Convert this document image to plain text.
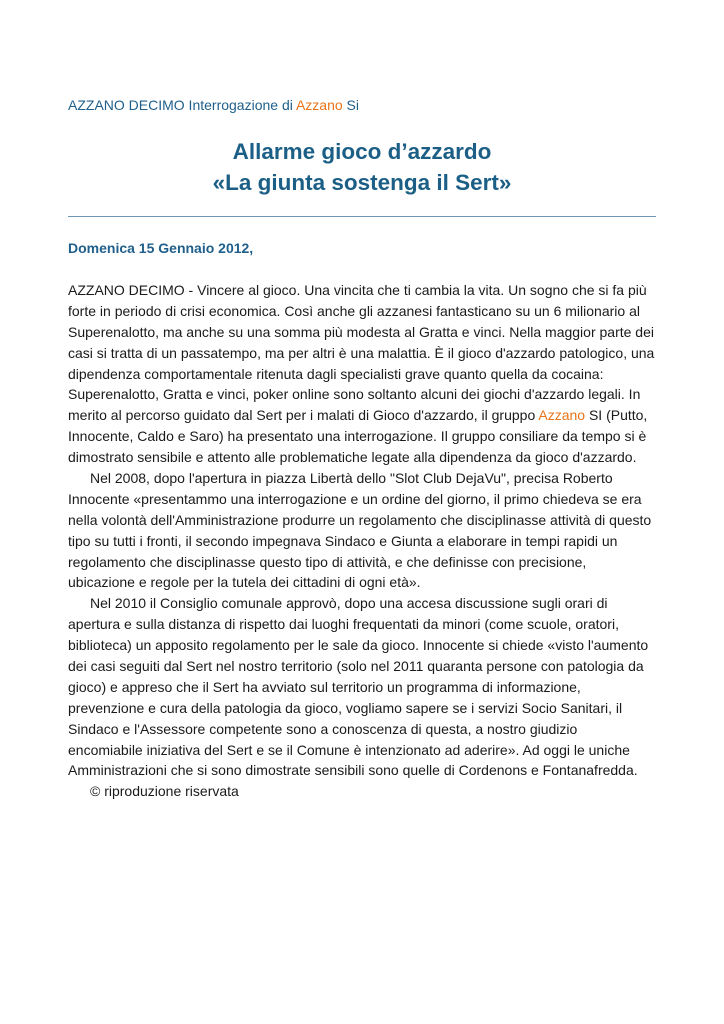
AZZANO DECIMO Interrogazione di Azzano Si
Allarme gioco d’azzardo
«La giunta sostenga il Sert»
Domenica 15 Gennaio 2012,
AZZANO DECIMO - Vincere al gioco. Una vincita che ti cambia la vita. Un sogno che si fa più
forte in periodo di crisi economica. Così anche gli azzanesi fantasticano su un 6 milionario al
Superenalotto, ma anche su una somma più modesta al Gratta e vinci. Nella maggior parte dei
casi si tratta di un passatempo, ma per altri è una malattia. È il gioco d'azzardo patologico, una
dipendenza comportamentale ritenuta dagli specialisti grave quanto quella da cocaina:
Superenalotto, Gratta e vinci, poker online sono soltanto alcuni dei giochi d'azzardo legali. In
merito al percorso guidato dal Sert per i malati di Gioco d'azzardo, il gruppo Azzano SI (Putto,
Innocente, Caldo e Saro) ha presentato una interrogazione. Il gruppo consiliare da tempo si è
dimostrato sensibile e attento alle problematiche legate alla dipendenza da gioco d'azzardo.
Nel 2008, dopo l'apertura in piazza Libertà dello "Slot Club DejaVu", precisa Roberto
Innocente «presentammo una interrogazione e un ordine del giorno, il primo chiedeva se era
nella volontà dell'Amministrazione produrre un regolamento che disciplinasse attività di questo
tipo su tutti i fronti, il secondo impegnava Sindaco e Giunta a elaborare in tempi rapidi un
regolamento che disciplinasse questo tipo di attività, e che definisse con precisione,
ubicazione e regole per la tutela dei cittadini di ogni età».
Nel 2010 il Consiglio comunale approvò, dopo una accesa discussione sugli orari di
apertura e sulla distanza di rispetto dai luoghi frequentati da minori (come scuole, oratori,
biblioteca) un apposito regolamento per le sale da gioco. Innocente si chiede «visto l'aumento
dei casi seguiti dal Sert nel nostro territorio (solo nel 2011 quaranta persone con patologia da
gioco) e appreso che il Sert ha avviato sul territorio un programma di informazione,
prevenzione e cura della patologia da gioco, vogliamo sapere se i servizi Socio Sanitari, il
Sindaco e l'Assessore competente sono a conoscenza di questa, a nostro giudizio
encomiabile iniziativa del Sert e se il Comune è intenzionato ad aderire». Ad oggi le uniche
Amministrazioni che si sono dimostrate sensibili sono quelle di Cordenons e Fontanafredda.
© riproduzione riservata
